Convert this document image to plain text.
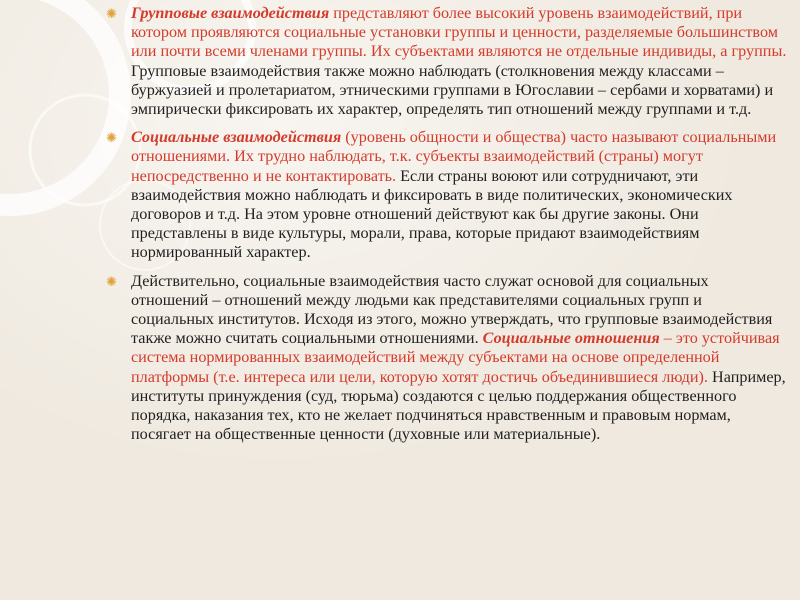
✺ Групповые взаимодействия представляют более высокий уровень взаимодействий, при котором проявляются социальные установки группы и ценности, разделяемые большинством или почти всеми членами группы. Их субъектами являются не отдельные индивиды, а группы. Групповые взаимодействия также можно наблюдать (столкновения между классами – буржуазией и пролетариатом, этническими группами в Югославии – сербами и хорватами) и эмпирически фиксировать их характер, определять тип отношений между группами и т.д.
✺ Социальные взаимодействия (уровень общности и общества) часто называют социальными отношениями. Их трудно наблюдать, т.к. субъекты взаимодействий (страны) могут непосредственно и не контактировать. Если страны воюют или сотрудничают, эти взаимодействия можно наблюдать и фиксировать в виде политических, экономических договоров и т.д. На этом уровне отношений действуют как бы другие законы. Они представлены в виде культуры, морали, права, которые придают взаимодействиям нормированный характер.
✺ Действительно, социальные взаимодействия часто служат основой для социальных отношений – отношений между людьми как представителями социальных групп и социальных институтов. Исходя из этого, можно утверждать, что групповые взаимодействия также можно считать социальными отношениями. Социальные отношения – это устойчивая система нормированных взаимодействий между субъектами на основе определенной платформы (т.е. интереса или цели, которую хотят достичь объединившиеся люди). Например, институты принуждения (суд, тюрьма) создаются с целью поддержания общественного порядка, наказания тех, кто не желает подчиняться нравственным и правовым нормам, посягает на общественные ценности (духовные или материальные).
